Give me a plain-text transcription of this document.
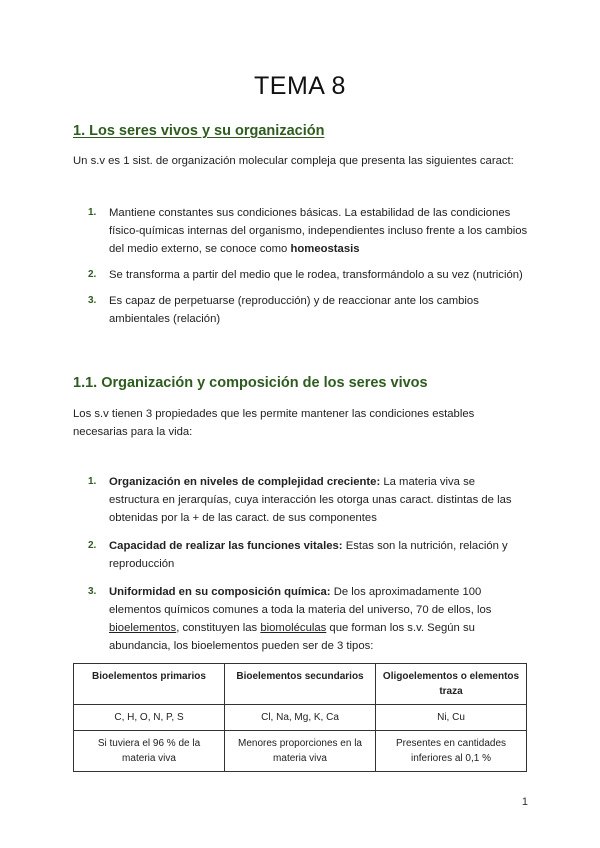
TEMA 8
1. Los seres vivos y su organización
Un s.v es 1 sist. de organización molecular compleja que presenta las siguientes caract:
1. Mantiene constantes sus condiciones básicas. La estabilidad de las condiciones físico-químicas internas del organismo, independientes incluso frente a los cambios del medio externo, se conoce como homeostasis
2. Se transforma a partir del medio que le rodea, transformándolo a su vez (nutrición)
3. Es capaz de perpetuarse (reproducción) y de reaccionar ante los cambios ambientales (relación)
1.1. Organización y composición de los seres vivos
Los s.v tienen 3 propiedades que les permite mantener las condiciones estables necesarias para la vida:
1. Organización en niveles de complejidad creciente: La materia viva se estructura en jerarquías, cuya interacción les otorga unas caract. distintas de las obtenidas por la + de las caract. de sus componentes
2. Capacidad de realizar las funciones vitales: Estas son la nutrición, relación y reproducción
3. Uniformidad en su composición química: De los aproximadamente 100 elementos químicos comunes a toda la materia del universo, 70 de ellos, los bioelementos, constituyen las biomoléculas que forman los s.v. Según su abundancia, los bioelementos pueden ser de 3 tipos:
Bioelementos primarios	Bioelementos secundarios	Oligoelementos o elementos traza
C, H, O, N, P, S	Cl, Na, Mg, K, Ca	Ni, Cu
Si tuviera el 96 % de la materia viva	Menores proporciones en la materia viva	Presentes en cantidades inferiores al 0,1 %
1
